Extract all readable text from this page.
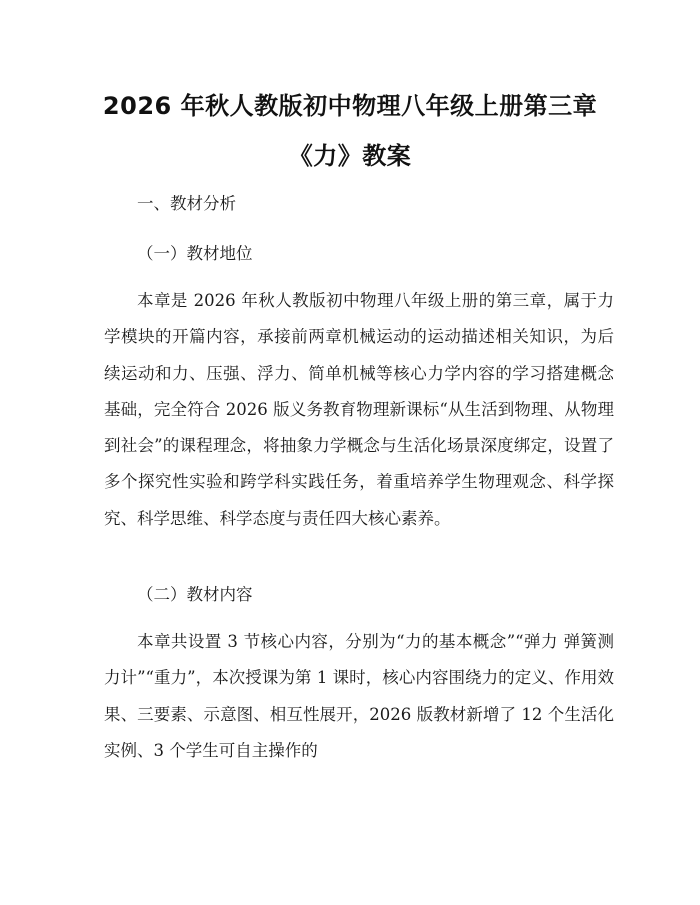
2026 年秋人教版初中物理八年级上册第三章
《力》教案
一、教材分析
（一）教材地位
本章是 2026 年秋人教版初中物理八年级上册的第三章，属于力学模块的开篇内容，承接前两章机械运动的运动描述相关知识，为后续运动和力、压强、浮力、简单机械等核心力学内容的学习搭建概念基础，完全符合 2026 版义务教育物理新课标“从生活到物理、从物理到社会”的课程理念，将抽象力学概念与生活化场景深度绑定，设置了多个探究性实验和跨学科实践任务，着重培养学生物理观念、科学探究、科学思维、科学态度与责任四大核心素养。
（二）教材内容
本章共设置 3 节核心内容，分别为“力的基本概念”“弹力 弹簧测力计”“重力”，本次授课为第 1 课时，核心内容围绕力的定义、作用效果、三要素、示意图、相互性展开，2026 版教材新增了 12 个生活化实例、3 个学生可自主操作的
